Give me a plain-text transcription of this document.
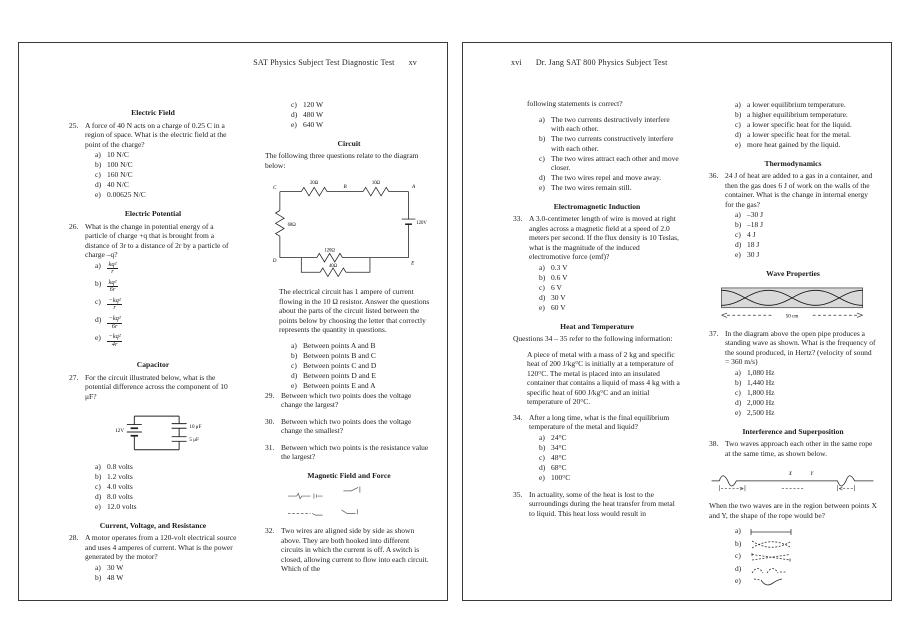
SAT Physics Subject Test Diagnostic Test xv
Electric Field
25. A force of 40 N acts on a charge of 0.25 C in a region of space. What is the electric field at the point of the charge?
a) 10 N/C
b) 100 N/C
c) 160 N/C
d) 40 N/C
e) 0.00625 N/C
Electric Potential
26. What is the change in potential energy of a particle of charge +q that is brought from a distance of 3r to a distance of 2r by a particle of charge –q?
$a) \frac{\text{kq²}}{r}$
$b) \frac{\text{kq²}}{6r}$
$c) \frac{\text{−kq²}}{r}$
$d) \frac{\text{−kq²}}{6r}$
$e) \frac{\text{−kq²}}{4r}$
Capacitor
27. For the circuit illustrated below, what is the potential difference across the component of 10 μF?
12V
10 μF
5 μF
a) 0.8 volts
b) 1.2 volts
c) 4.0 volts
d) 8.0 volts
e) 12.0 volts
Current, Voltage, and Resistance
28. A motor operates from a 120-volt electrical source and uses 4 amperes of current. What is the power generated by the motor?
a) 30 W
b) 48 W
c) 120 W
d) 480 W
e) 640 W
Circuit
The following three questions relate to the diagram below:
20Ω	10Ω
60Ω
120Ω
40Ω
120V
C	B	A
D	E
The electrical circuit has 1 ampere of current flowing in the 10 Ω resistor. Answer the questions about the parts of the circuit listed between the points below by choosing the letter that correctly represents the quantity in questions.
a) Between points A and B
b) Between points B and C
c) Between points C and D
d) Between points D and E
e) Between points E and A
29. Between which two points does the voltage change the largest?
30. Between which two points does the voltage change the smallest?
31. Between which two points is the resistance value the largest?
Magnetic Field and Force
32. Two wires are aligned side by side as shown above. They are both hooked into different circuits in which the current is off. A switch is closed, allowing current to flow into each circuit. Which of the
xvi Dr. Jang SAT 800 Physics Subject Test
following statements is correct?
a) The two currents destructively interfere with each other.
b) The two currents constructively interfere with each other.
c) The two wires attract each other and move closer.
d) The two wires repel and move away.
e) The two wires remain still.
Electromagnetic Induction
33. A 3.0-centimeter length of wire is moved at right angles across a magnetic field at a speed of 2.0 meters per second. If the flux density is 10 Teslas, what is the magnitude of the induced electromotive force (emf)?
a) 0.3 V
b) 0.6 V
c) 6 V
d) 30 V
e) 60 V
Heat and Temperature
Questions 34 – 35 refer to the following information:
A piece of metal with a mass of 2 kg and specific heat of 200 J/kg°C is initially at a temperature of 120°C. The metal is placed into an insulated container that contains a liquid of mass 4 kg with a specific heat of 600 J/kg°C and an initial temperature of 20°C.
34. After a long time, what is the final equilibrium temperature of the metal and liquid?
a) 24°C
b) 34°C
c) 48°C
d) 68°C
e) 100°C
35. In actuality, some of the heat is lost to the surroundings during the heat transfer from metal to liquid. This heat loss would result in
a) a lower equilibrium temperature.
b) a higher equilibrium temperature.
c) a lower specific heat for the liquid.
d) a lower specific heat for the metal.
e) more heat gained by the liquid.
Thermodynamics
36. 24 J of heat are added to a gas in a container, and then the gas does 6 J of work on the walls of the container. What is the change in internal energy for the gas?
a) –30 J
b) –18 J
c) 4 J
d) 18 J
e) 30 J
Wave Properties
50 cm
37. In the diagram above the open pipe produces a standing wave as shown. What is the frequency of the sound produced, in Hertz? (velocity of sound = 360 m/s)
a) 1,080 Hz
b) 1,440 Hz
c) 1,800 Hz
d) 2,000 Hz
e) 2,500 Hz
Interference and Superposition
38. Two waves approach each other in the same rope at the same time, as shown below.
X	Y
When the two waves are in the region between points X and Y, the shape of the rope would be?
a)
b)
c)
d)
e)
